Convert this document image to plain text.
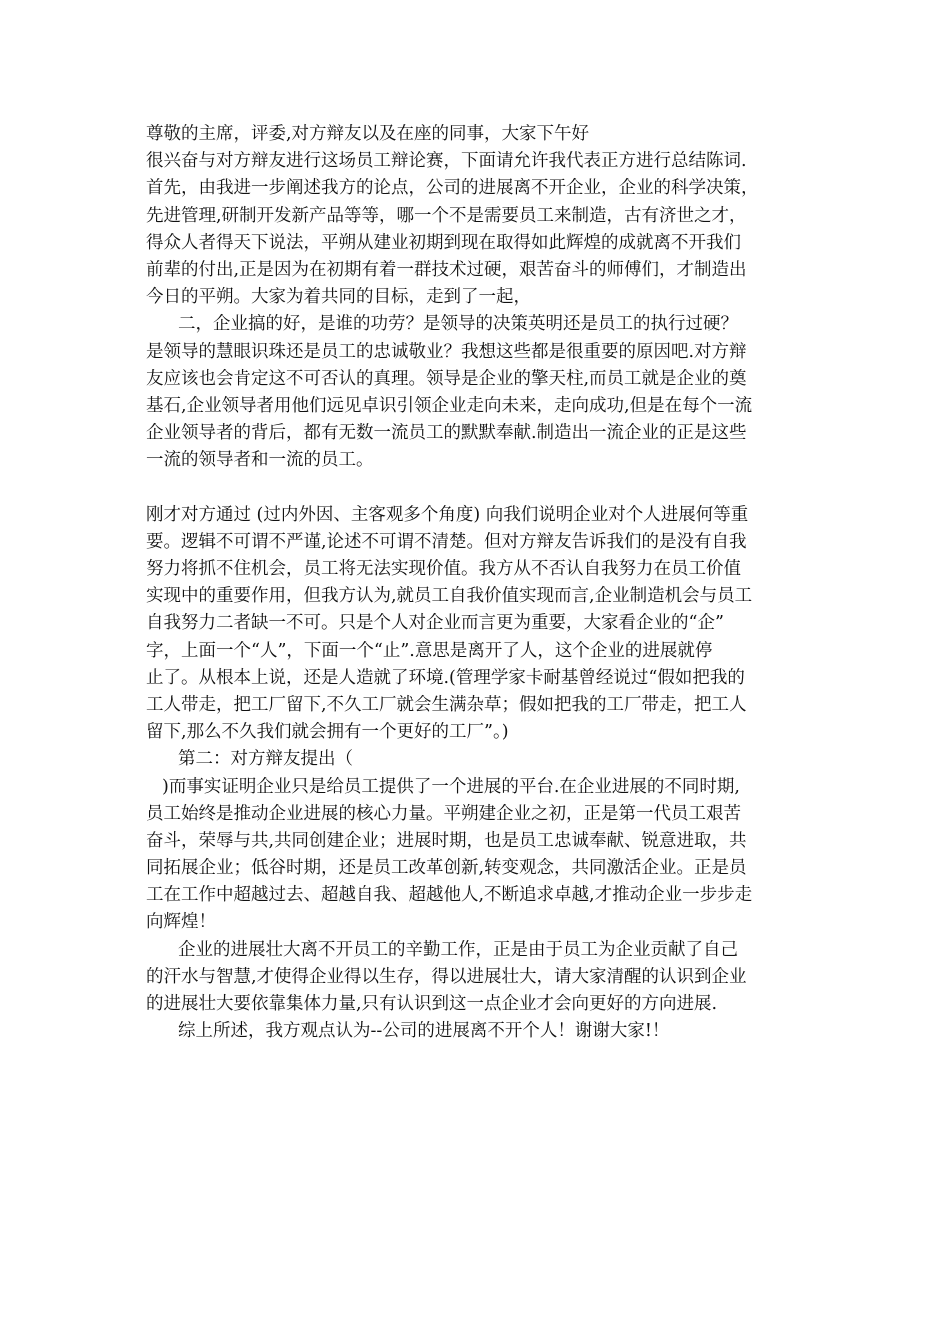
尊敬的主席，评委,对方辩友以及在座的同事，大家下午好
很兴奋与对方辩友进行这场员工辩论赛，下面请允许我代表正方进行总结陈词.
首先，由我进一步阐述我方的论点，公司的进展离不开企业，企业的科学决策，
先进管理,研制开发新产品等等，哪一个不是需要员工来制造，古有济世之才，
得众人者得天下说法，平朔从建业初期到现在取得如此辉煌的成就离不开我们
前辈的付出,正是因为在初期有着一群技术过硬，艰苦奋斗的师傅们，才制造出
今日的平朔。大家为着共同的目标，走到了一起，
二，企业搞的好，是谁的功劳？是领导的决策英明还是员工的执行过硬？
是领导的慧眼识珠还是员工的忠诚敬业？我想这些都是很重要的原因吧.对方辩
友应该也会肯定这不可否认的真理。领导是企业的擎天柱,而员工就是企业的奠
基石,企业领导者用他们远见卓识引领企业走向未来，走向成功,但是在每个一流
企业领导者的背后，都有无数一流员工的默默奉献.制造出一流企业的正是这些
一流的领导者和一流的员工。
刚才对方通过 (过内外因、主客观多个角度) 向我们说明企业对个人进展何等重
要。逻辑不可谓不严谨,论述不可谓不清楚。但对方辩友告诉我们的是没有自我
努力将抓不住机会，员工将无法实现价值。我方从不否认自我努力在员工价值
实现中的重要作用，但我方认为,就员工自我价值实现而言,企业制造机会与员工
自我努力二者缺一不可。只是个人对企业而言更为重要，大家看企业的“企”
字，上面一个“人”，下面一个“止”.意思是离开了人，这个企业的进展就停
止了。从根本上说，还是人造就了环境.(管理学家卡耐基曾经说过“假如把我的
工人带走，把工厂留下,不久工厂就会生满杂草；假如把我的工厂带走，把工人
留下,那么不久我们就会拥有一个更好的工厂”。)
第二：对方辩友提出（
)而事实证明企业只是给员工提供了一个进展的平台.在企业进展的不同时期,
员工始终是推动企业进展的核心力量。平朔建企业之初，正是第一代员工艰苦
奋斗，荣辱与共,共同创建企业；进展时期，也是员工忠诚奉献、锐意进取，共
同拓展企业；低谷时期，还是员工改革创新,转变观念，共同激活企业。正是员
工在工作中超越过去、超越自我、超越他人,不断追求卓越,才推动企业一步步走
向辉煌！
企业的进展壮大离不开员工的辛勤工作，正是由于员工为企业贡献了自己
的汗水与智慧,才使得企业得以生存，得以进展壮大，请大家清醒的认识到企业
的进展壮大要依靠集体力量,只有认识到这一点企业才会向更好的方向进展.
综上所述，我方观点认为--公司的进展离不开个人！谢谢大家!！
